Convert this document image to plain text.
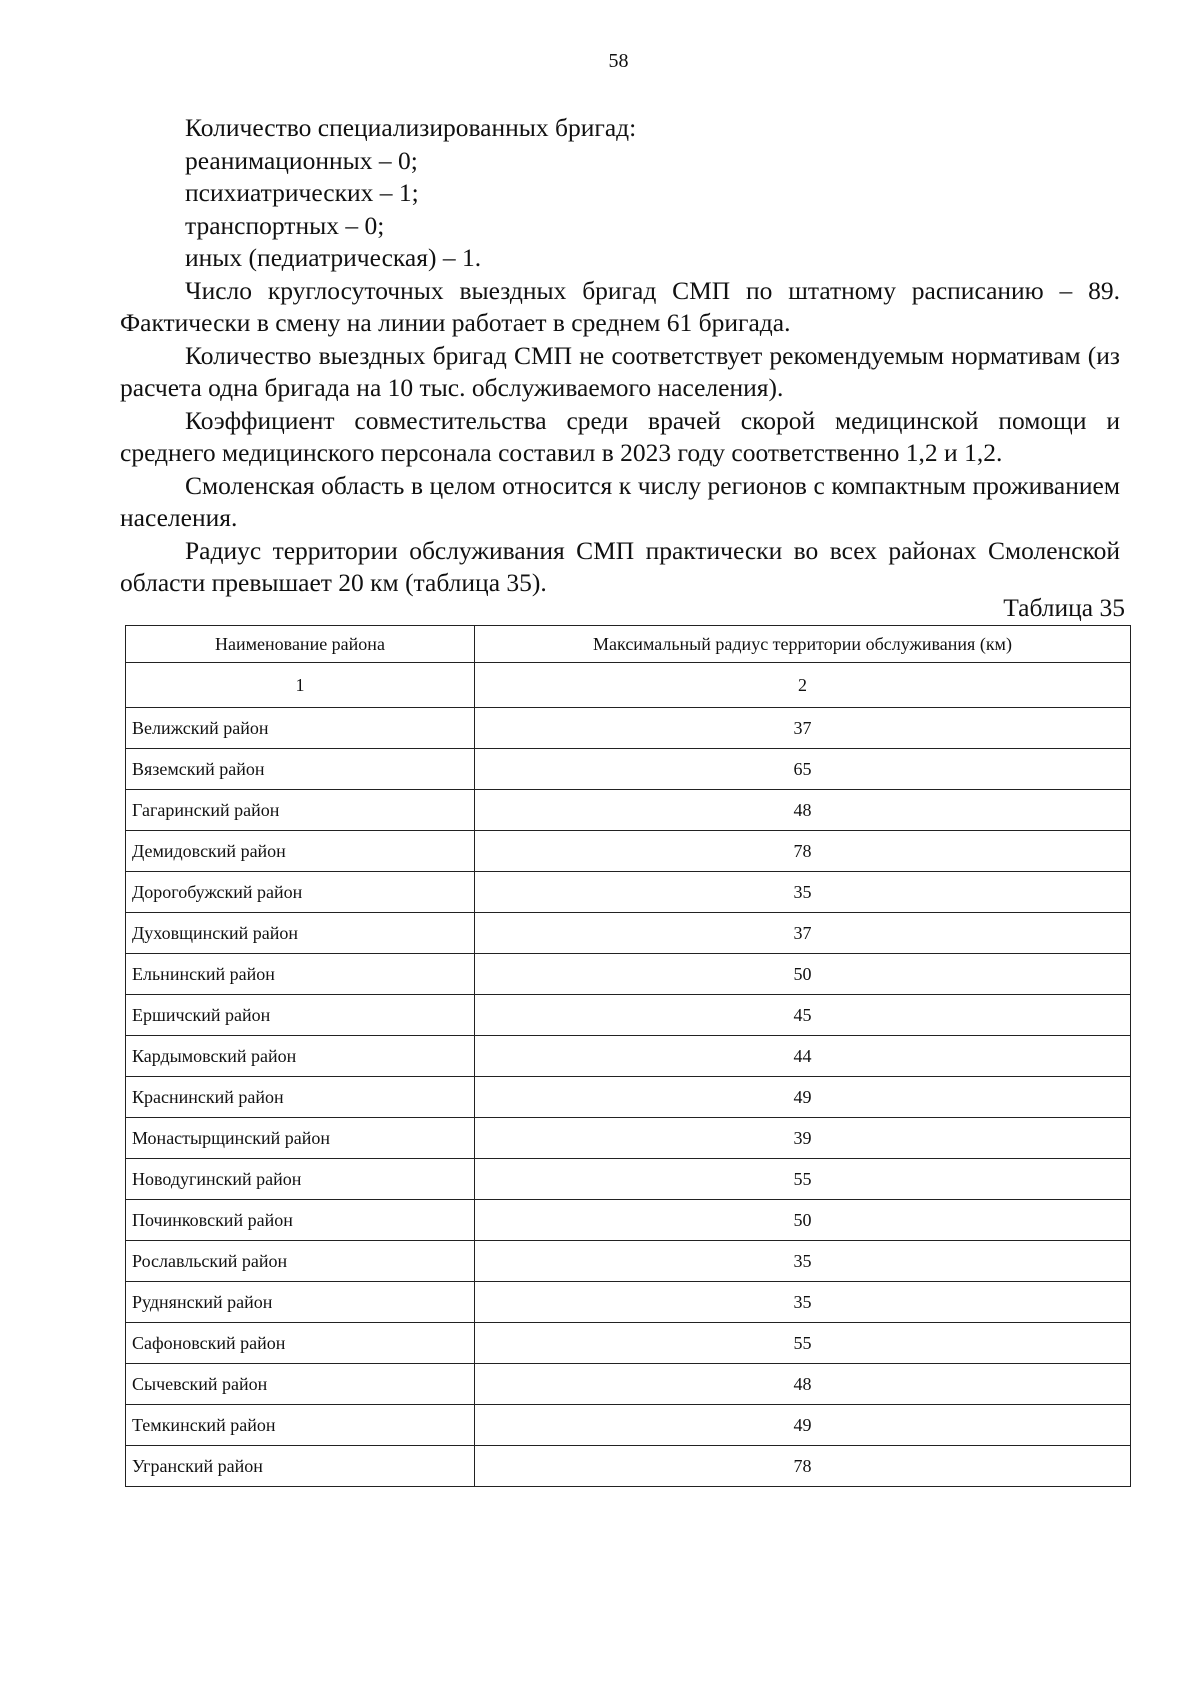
58

Количество специализированных бригад:

реанимационных – 0;

психиатрических – 1;

транспортных – 0;

иных (педиатрическая) – 1.

Число круглосуточных выездных бригад СМП по штатному расписанию – 89. Фактически в смену на линии работает в среднем 61 бригада.

Количество выездных бригад СМП не соответствует рекомендуемым нормативам (из расчета одна бригада на 10 тыс. обслуживаемого населения).

Коэффициент совместительства среди врачей скорой медицинской помощи и среднего медицинского персонала составил в 2023 году соответственно 1,2 и 1,2.

Смоленская область в целом относится к числу регионов с компактным проживанием населения.

Радиус территории обслуживания СМП практически во всех районах Смоленской области превышает 20 км (таблица 35).

Таблица 35
Наименование района	Максимальный радиус территории обслуживания (км)
1	2
Велижский район	37
Вяземский район	65
Гагаринский район	48
Демидовский район	78
Дорогобужский район	35
Духовщинский район	37
Ельнинский район	50
Ершичский район	45
Кардымовский район	44
Краснинский район	49
Монастырщинский район	39
Новодугинский район	55
Починковский район	50
Рославльский район	35
Руднянский район	35
Сафоновский район	55
Сычевский район	48
Темкинский район	49
Угранский район	78
